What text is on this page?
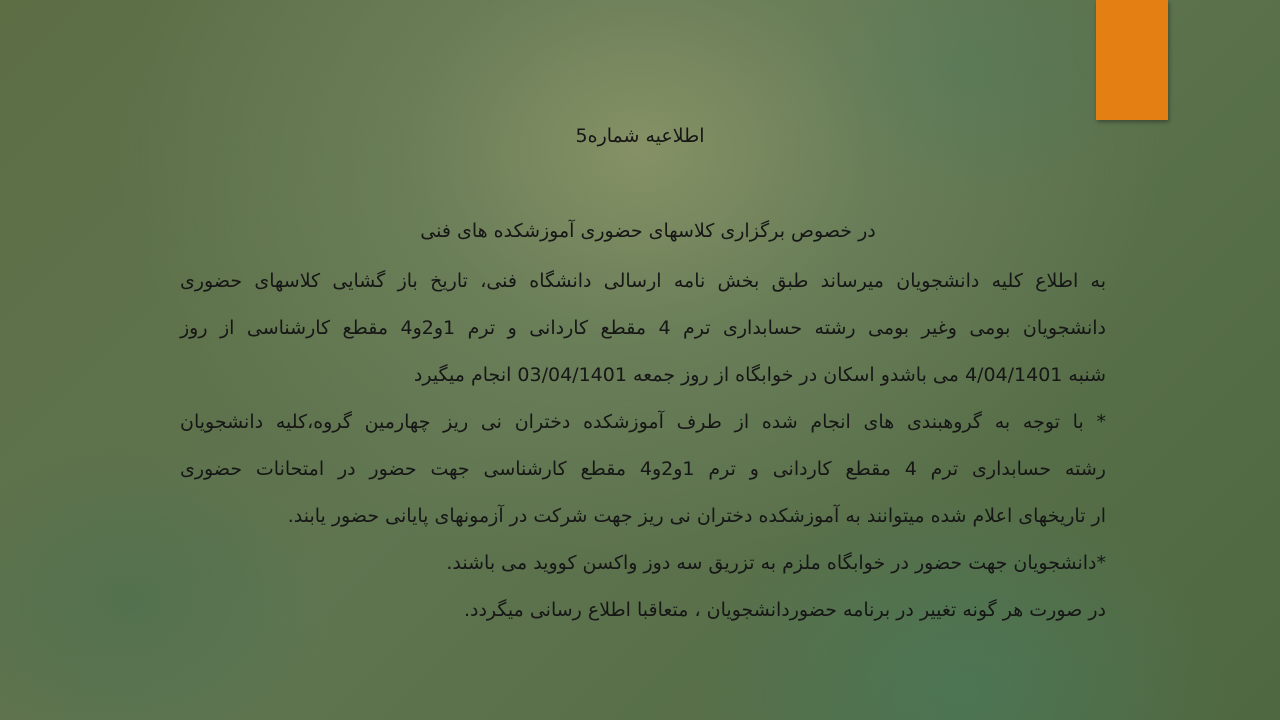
اطلاعیه شماره5
در خصوص برگزاری کلاسهای حضوری آموزشکده های فنی
به اطلاع کلیه دانشجویان میرساند طبق بخش نامه ارسالی دانشگاه فنی، تاریخ باز گشایی کلاسهای حضوری
دانشجویان بومی وغیر بومی رشته حسابداری ترم 4 مقطع کاردانی و ترم 1و2و4 مقطع کارشناسی از روز
شنبه 4/04/1401 می باشدو اسکان در خوابگاه از روز جمعه 03/04/1401 انجام میگیرد
* با توجه به گروهبندی های انجام شده از طرف آموزشکده دختران نی ریز چهارمین گروه،کلیه دانشجویان
رشته حسابداری ترم 4 مقطع کاردانی و ترم 1و2و4 مقطع کارشناسی جهت حضور در امتحانات حضوری
ار تاریخهای اعلام شده میتوانند به آموزشکده دختران نی ریز جهت شرکت در آزمونهای پایانی حضور یابند.
*دانشجویان جهت حضور در خوابگاه ملزم به تزریق سه دوز واکسن کووید می باشند.
در صورت هر گونه تغییر در برنامه حضوردانشجویان ، متعاقبا اطلاع رسانی میگردد.
